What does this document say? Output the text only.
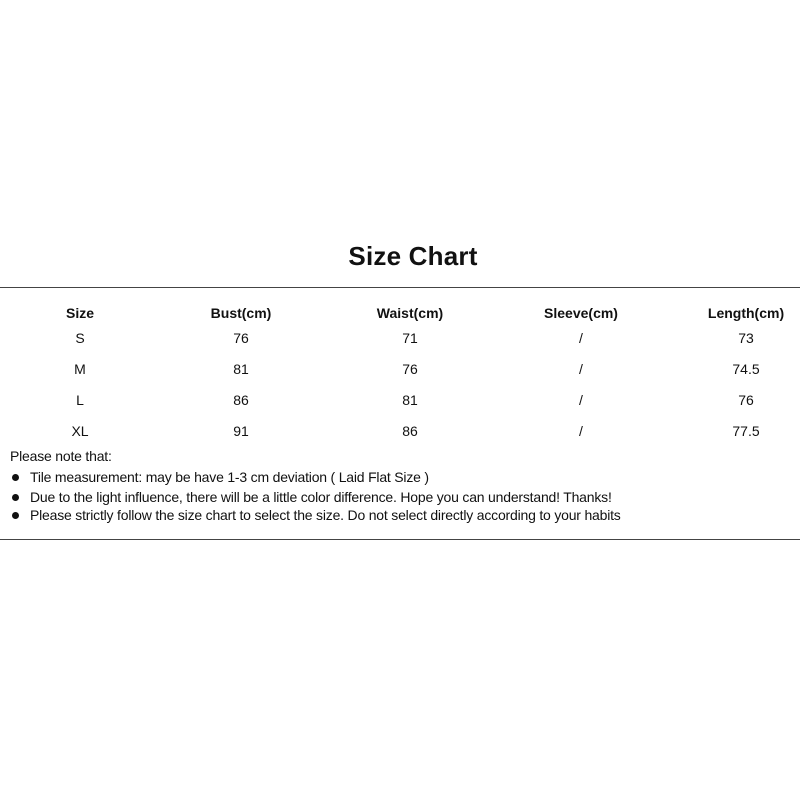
Size Chart
Size	Bust(cm)	Waist(cm)	Sleeve(cm)	Length(cm)
S	76	71	/	73
M	81	76	/	74.5
L	86	81	/	76
XL	91	86	/	77.5
Please note that:
Tile measurement: may be have 1-3 cm deviation ( Laid Flat Size )
Due to the light influence, there will be a little color difference. Hope you can understand! Thanks!
Please strictly follow the size chart to select the size. Do not select directly according to your habits
